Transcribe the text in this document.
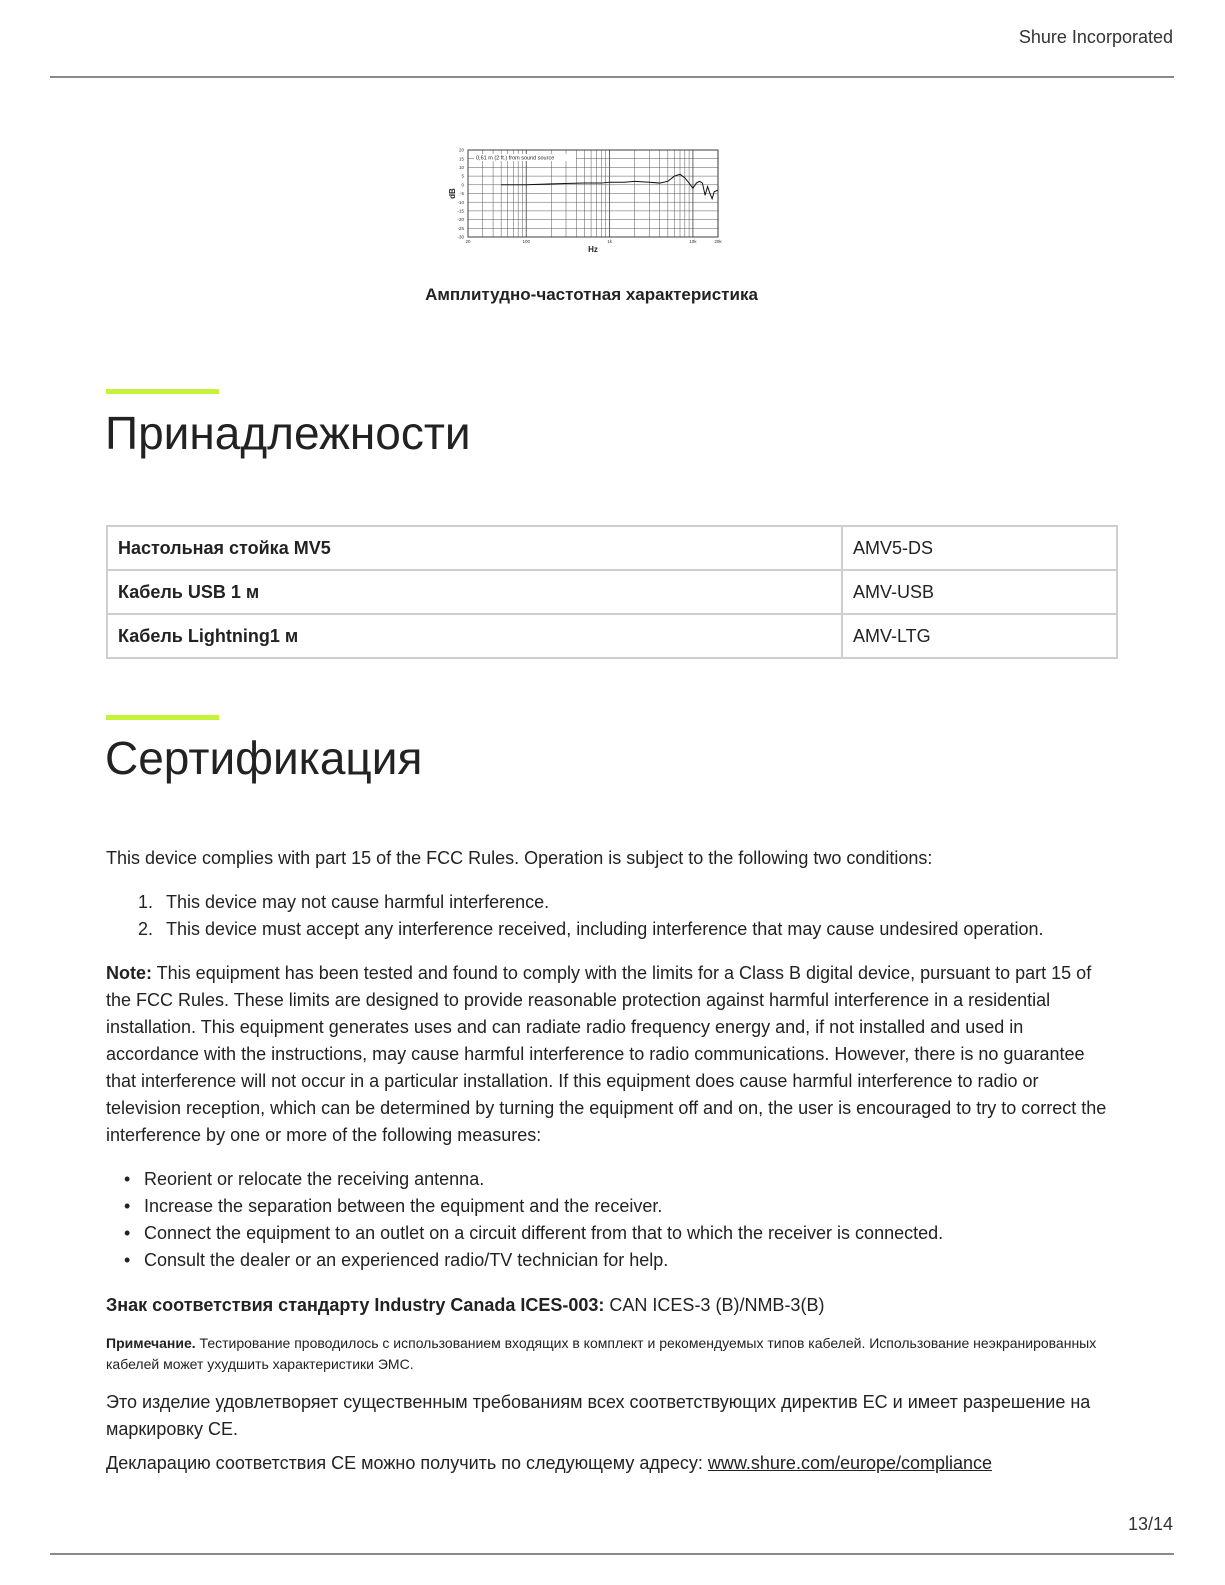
Shure Incorporated
20
15
10
5
0
-5
-10
-15
-20
-25
-30
20	100	1k	10k	20k
Hz
dB
0,61 m (2 ft.) from sound source
Амплитудно-частотная характеристика
Принадлежности
Настольная стойка MV5	AMV5-DS
Кабель USB 1 м	AMV-USB
Кабель Lightning1 м	AMV-LTG
Сертификация

This device complies with part 15 of the FCC Rules. Operation is subject to the following two conditions:

1. This device may not cause harmful interference.
2. This device must accept any interference received, including interference that may cause undesired operation.

Note: This equipment has been tested and found to comply with the limits for a Class B digital device, pursuant to part 15 of the FCC Rules. These limits are designed to provide reasonable protection against harmful interference in a residential installation. This equipment generates uses and can radiate radio frequency energy and, if not installed and used in accordance with the instructions, may cause harmful interference to radio communications. However, there is no guarantee that interference will not occur in a particular installation. If this equipment does cause harmful interference to radio or television reception, which can be determined by turning the equipment off and on, the user is encouraged to try to correct the interference by one or more of the following measures:

• Reorient or relocate the receiving antenna.
• Increase the separation between the equipment and the receiver.
• Connect the equipment to an outlet on a circuit different from that to which the receiver is connected.
• Consult the dealer or an experienced radio/TV technician for help.

Знак соответствия стандарту Industry Canada ICES-003: CAN ICES-3 (B)/NMB-3(B)

Примечание. Тестирование проводилось с использованием входящих в комплект и рекомендуемых типов кабелей. Использование неэкранированных кабелей может ухудшить характеристики ЭМС.

Это изделие удовлетворяет существенным требованиям всех соответствующих директив ЕС и имеет разрешение на маркировку CE.

Декларацию соответствия CE можно получить по следующему адресу: www.shure.com/europe/compliance

13/14
